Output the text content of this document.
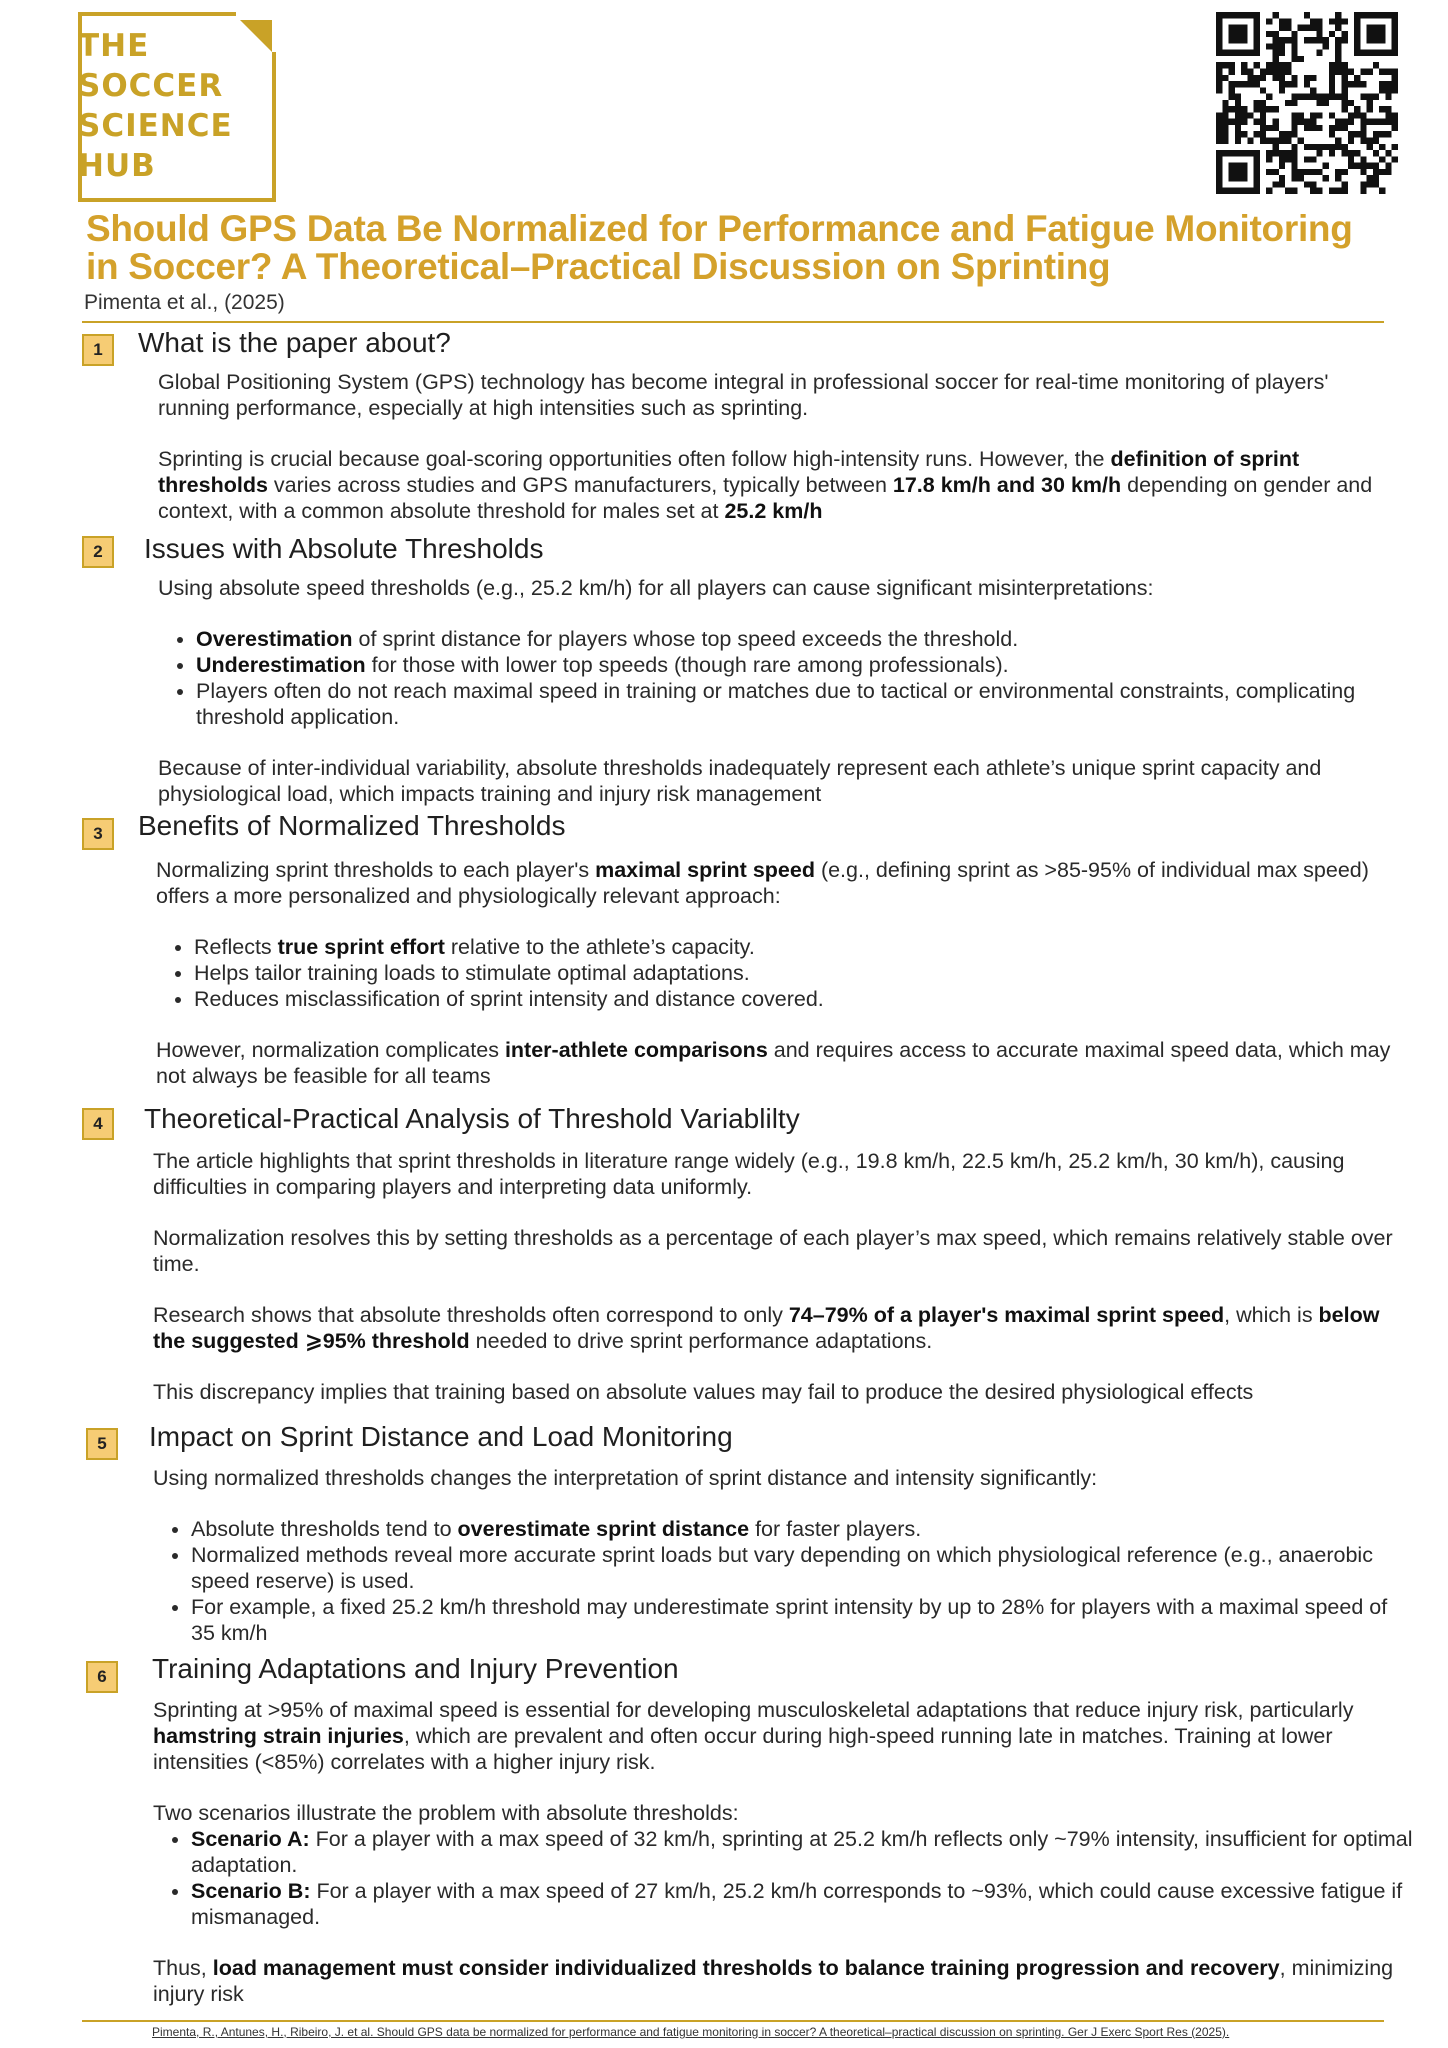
THE
SOCCER
SCIENCE
HUB
Should GPS Data Be Normalized for Performance and Fatigue Monitoring
in Soccer? A Theoretical–Practical Discussion on Sprinting
Pimenta et al., (2025)
1	What is the paper about?

Global Positioning System (GPS) technology has become integral in professional soccer for real-time monitoring of players' running performance, especially at high intensities such as sprinting.

Sprinting is crucial because goal-scoring opportunities often follow high-intensity runs. However, the definition of sprint thresholds varies across studies and GPS manufacturers, typically between 17.8 km/h and 30 km/h depending on gender and context, with a common absolute threshold for males set at 25.2 km/h

2	Issues with Absolute Thresholds

Using absolute speed thresholds (e.g., 25.2 km/h) for all players can cause significant misinterpretations:

• Overestimation of sprint distance for players whose top speed exceeds the threshold.
• Underestimation for those with lower top speeds (though rare among professionals).
• Players often do not reach maximal speed in training or matches due to tactical or environmental constraints, complicating threshold application.

Because of inter-individual variability, absolute thresholds inadequately represent each athlete’s unique sprint capacity and physiological load, which impacts training and injury risk management

3	Benefits of Normalized Thresholds

Normalizing sprint thresholds to each player's maximal sprint speed (e.g., defining sprint as >85-95% of individual max speed) offers a more personalized and physiologically relevant approach:

• Reflects true sprint effort relative to the athlete’s capacity.
• Helps tailor training loads to stimulate optimal adaptations.
• Reduces misclassification of sprint intensity and distance covered.

However, normalization complicates inter-athlete comparisons and requires access to accurate maximal speed data, which may not always be feasible for all teams

4	Theoretical-Practical Analysis of Threshold Variablilty

The article highlights that sprint thresholds in literature range widely (e.g., 19.8 km/h, 22.5 km/h, 25.2 km/h, 30 km/h), causing difficulties in comparing players and interpreting data uniformly.

Normalization resolves this by setting thresholds as a percentage of each player’s max speed, which remains relatively stable over time.

Research shows that absolute thresholds often correspond to only 74–79% of a player's maximal sprint speed, which is below the suggested ⩾95% threshold needed to drive sprint performance adaptations.

This discrepancy implies that training based on absolute values may fail to produce the desired physiological effects

5	Impact on Sprint Distance and Load Monitoring

Using normalized thresholds changes the interpretation of sprint distance and intensity significantly:

• Absolute thresholds tend to overestimate sprint distance for faster players.
• Normalized methods reveal more accurate sprint loads but vary depending on which physiological reference (e.g., anaerobic speed reserve) is used.
• For example, a fixed 25.2 km/h threshold may underestimate sprint intensity by up to 28% for players with a maximal speed of 35 km/h
6	Training Adaptations and Injury Prevention

Sprinting at >95% of maximal speed is essential for developing musculoskeletal adaptations that reduce injury risk, particularly hamstring strain injuries, which are prevalent and often occur during high-speed running late in matches. Training at lower intensities (<85%) correlates with a higher injury risk.

Two scenarios illustrate the problem with absolute thresholds:

• Scenario A: For a player with a max speed of 32 km/h, sprinting at 25.2 km/h reflects only ~79% intensity, insufficient for optimal adaptation.
• Scenario B: For a player with a max speed of 27 km/h, 25.2 km/h corresponds to ~93%, which could cause excessive fatigue if mismanaged.

Thus, load management must consider individualized thresholds to balance training progression and recovery, minimizing injury risk

Pimenta, R., Antunes, H., Ribeiro, J. et al. Should GPS data be normalized for performance and fatigue monitoring in soccer? A theoretical–practical discussion on sprinting. Ger J Exerc Sport Res (2025).
